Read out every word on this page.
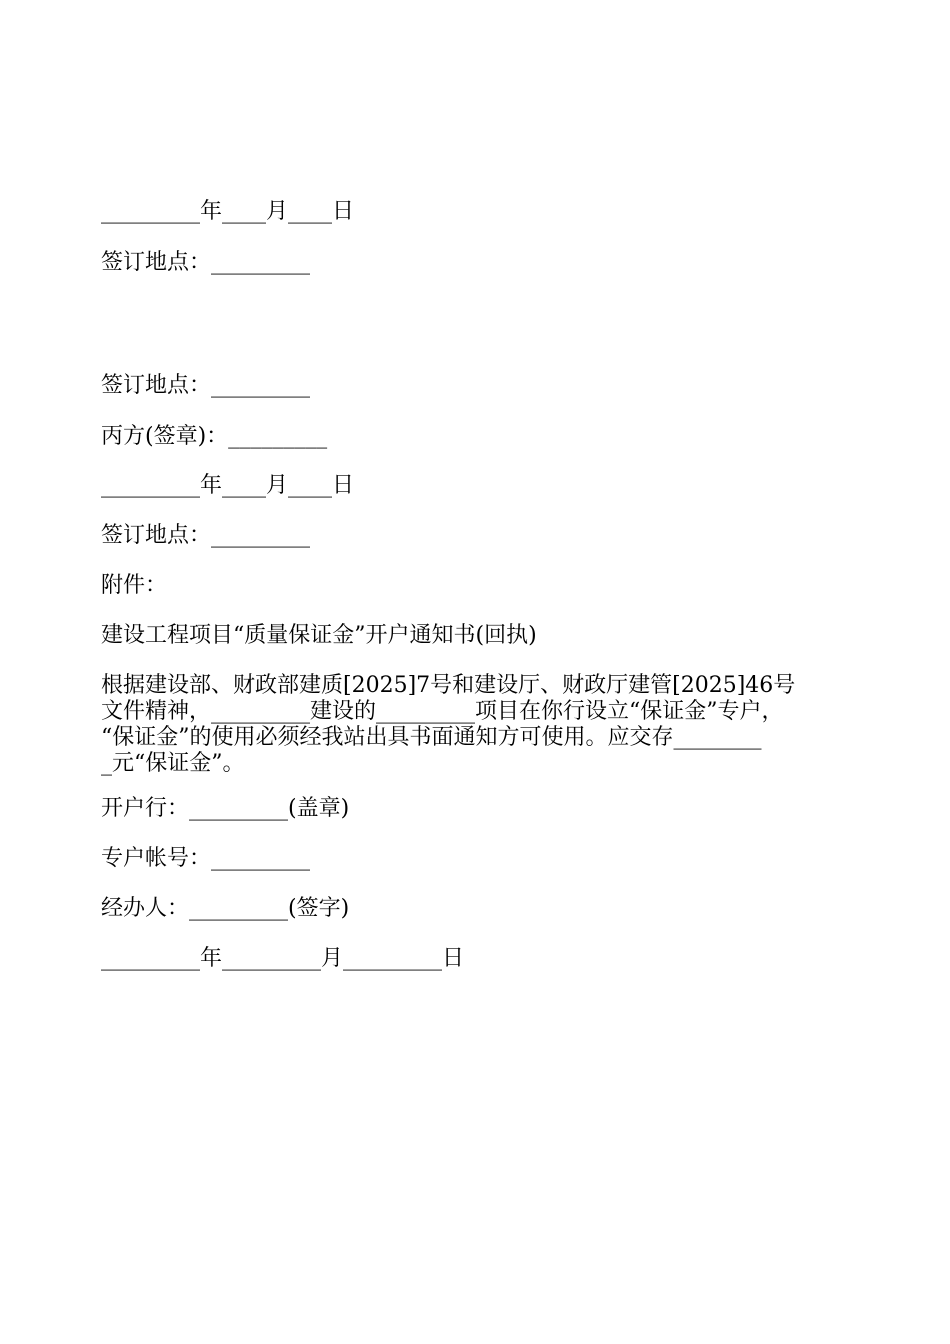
_________年____月____日
签订地点：_________
签订地点：_________
丙方(签章)：_________
_________年____月____日
签订地点：_________
附件：
建设工程项目“质量保证金”开户通知书(回执)
根据建设部、财政部建质[2025]7号和建设厅、财政厅建管[2025]46号
文件精神，_________建设的_________项目在你行设立“保证金”专户，
“保证金”的使用必须经我站出具书面通知方可使用。应交存________
_元“保证金”。
开户行：_________(盖章)
专户帐号：_________
经办人：_________(签字)
_________年_________月_________日
